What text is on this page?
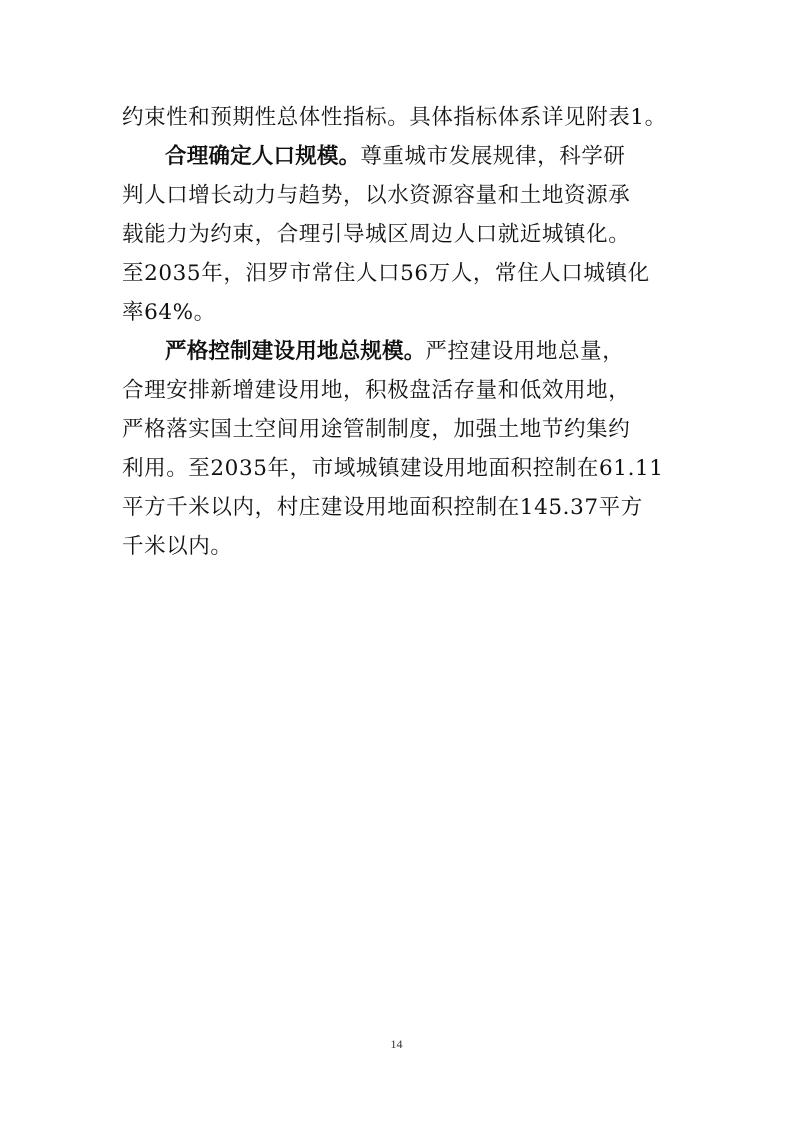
约束性和预期性总体性指标。具体指标体系详见附表1。
合理确定人口规模。尊重城市发展规律，科学研
判人口增长动力与趋势，以水资源容量和土地资源承
载能力为约束，合理引导城区周边人口就近城镇化。
至2035年，汨罗市常住人口56万人，常住人口城镇化
率64%。
严格控制建设用地总规模。严控建设用地总量，
合理安排新增建设用地，积极盘活存量和低效用地，
严格落实国土空间用途管制制度，加强土地节约集约
利用。至2035年，市域城镇建设用地面积控制在61.11
平方千米以内，村庄建设用地面积控制在145.37平方
千米以内。
14
